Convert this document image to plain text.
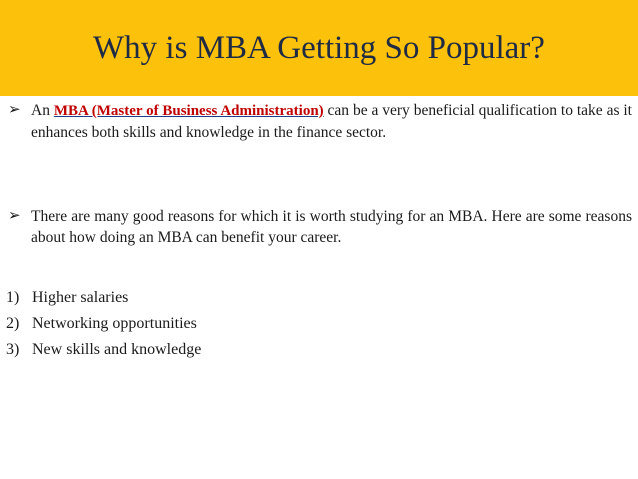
Why is MBA Getting So Popular?
➢ An MBA (Master of Business Administration) can be a very beneficial qualification to take as it enhances both skills and knowledge in the finance sector.

➢ There are many good reasons for which it is worth studying for an MBA. Here are some reasons about how doing an MBA can benefit your career.

1) Higher salaries
2) Networking opportunities
3) New skills and knowledge
